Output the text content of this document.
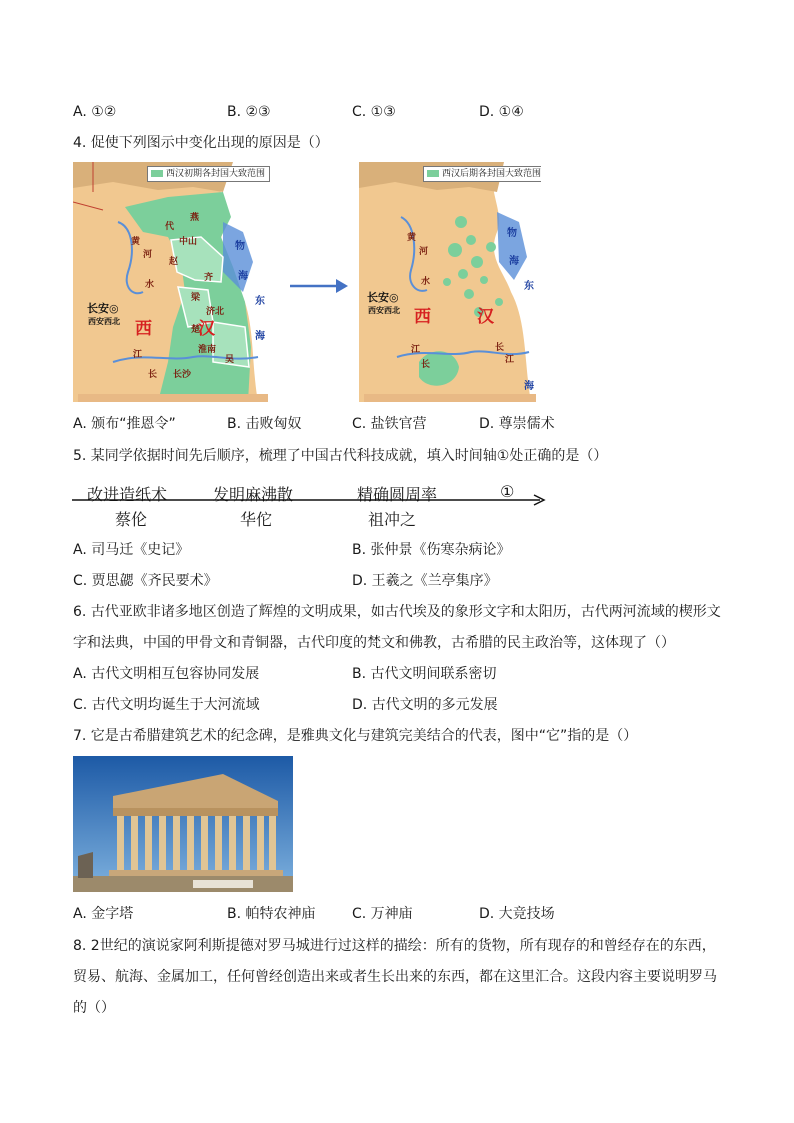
A. ①②	B. ②③	C. ①③	D. ①④
4. 促使下列图示中变化出现的原因是（）
西汉初期各封国大致范围
燕
代
中山
赵
齐
梁
济北
楚
淮南
长沙
吴
黄
河
水
江
长
物
海
东
海
西	汉
长安◎
西安西北
西汉后期各封国大致范围
黄
河
水
江
长
物
海
东
长
江
西	汉
海
长安◎
西安西北
A. 颁布“推恩令”	B. 击败匈奴	C. 盐铁官营	D. 尊崇儒术
5. 某同学依据时间先后顺序，梳理了中国古代科技成就，填入时间轴①处正确的是（）
改进造纸术	发明麻沸散	精确圆周率	①
蔡伦	华佗	祖冲之
A. 司马迁《史记》	B. 张仲景《伤寒杂病论》
C. 贾思勰《齐民要术》	D. 王羲之《兰亭集序》
6. 古代亚欧非诸多地区创造了辉煌的文明成果，如古代埃及的象形文字和太阳历，古代两河流域的楔形文
字和法典，中国的甲骨文和青铜器，古代印度的梵文和佛教，古希腊的民主政治等，这体现了（）
A. 古代文明相互包容协同发展	B. 古代文明间联系密切
C. 古代文明均诞生于大河流域	D. 古代文明的多元发展
7. 它是古希腊建筑艺术的纪念碑，是雅典文化与建筑完美结合的代表，图中“它”指的是（）
A. 金字塔	B. 帕特农神庙	C. 万神庙	D. 大竞技场
8. 2世纪的演说家阿利斯提德对罗马城进行过这样的描绘：所有的货物，所有现存的和曾经存在的东西，
贸易、航海、金属加工，任何曾经创造出来或者生长出来的东西，都在这里汇合。这段内容主要说明罗马
的（）
